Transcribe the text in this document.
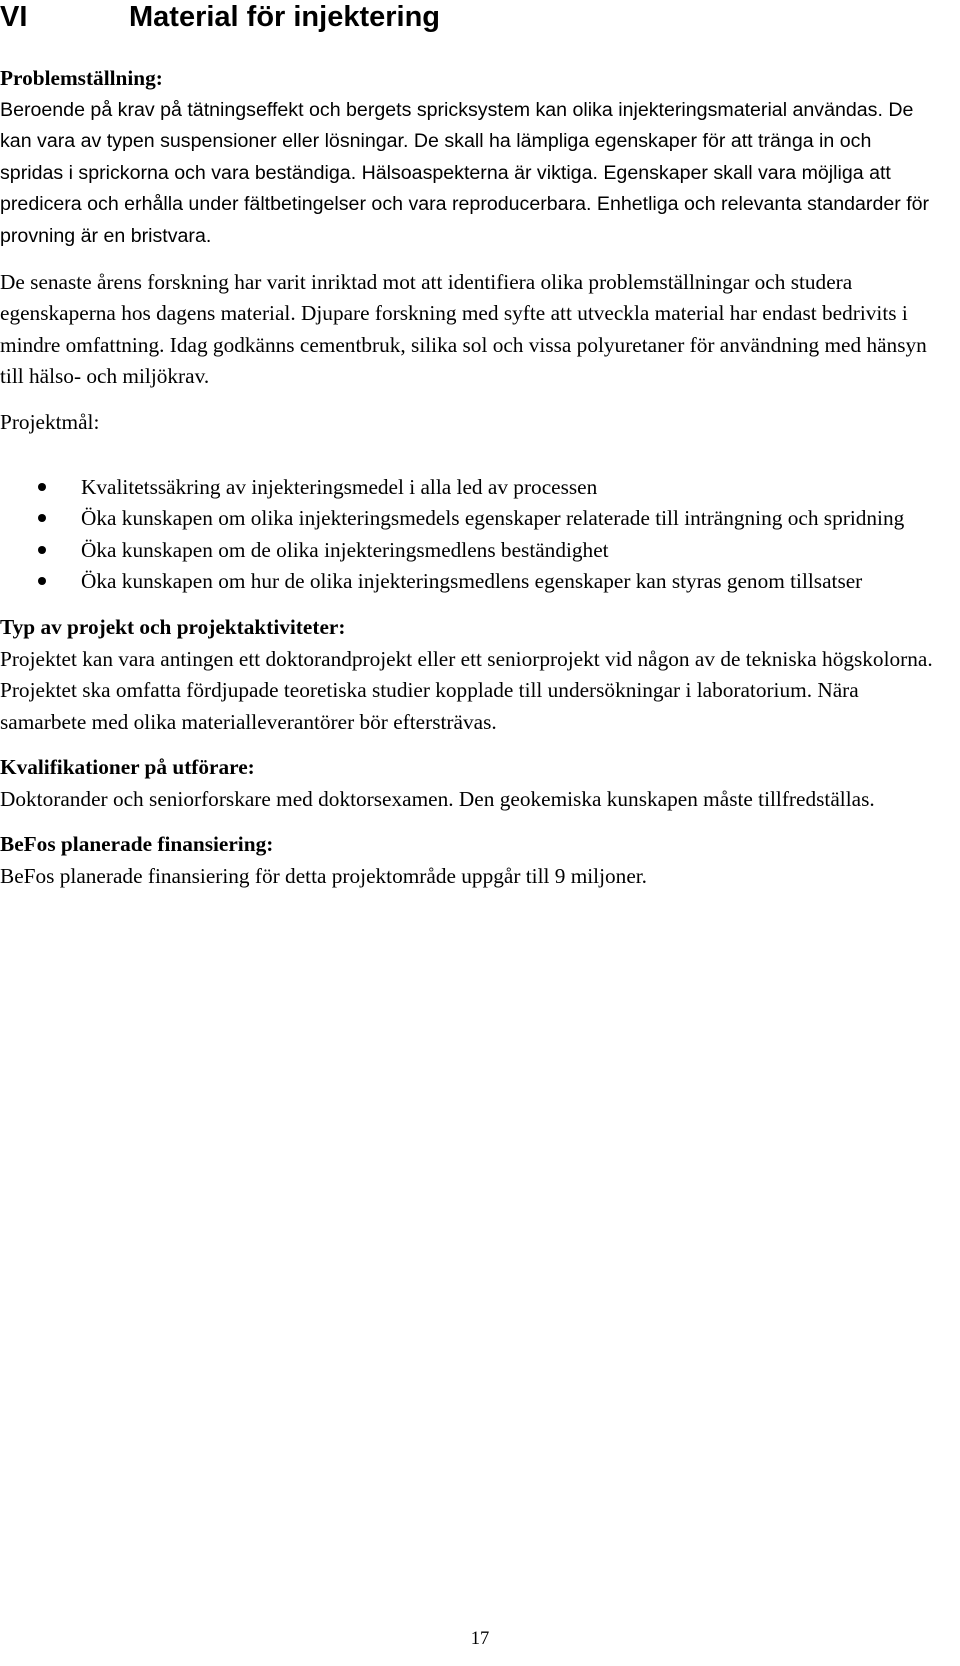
VI	Material för injektering
Problemställning:

Beroende på krav på tätningseffekt och bergets spricksystem kan olika injekteringsmaterial användas. De kan vara av typen suspensioner eller lösningar. De skall ha lämpliga egenskaper för att tränga in och spridas i sprickorna och vara beständiga. Hälsoaspekterna är viktiga. Egenskaper skall vara möjliga att predicera och erhålla under fältbetingelser och vara reproducerbara. Enhetliga och relevanta standarder för provning är en bristvara.

De senaste årens forskning har varit inriktad mot att identifiera olika problemställningar och studera egenskaperna hos dagens material. Djupare forskning med syfte att utveckla material har endast bedrivits i mindre omfattning. Idag godkänns cementbruk, silika sol och vissa polyuretaner för användning med hänsyn till hälso- och miljökrav.

Projektmål:
Kvalitetssäkring av injekteringsmedel i alla led av processen
Öka kunskapen om olika injekteringsmedels egenskaper relaterade till inträngning och spridning
Öka kunskapen om de olika injekteringsmedlens beständighet
Öka kunskapen om hur de olika injekteringsmedlens egenskaper kan styras genom tillsatser
Typ av projekt och projektaktiviteter:

Projektet kan vara antingen ett doktorandprojekt eller ett seniorprojekt vid någon av de tekniska högskolorna. Projektet ska omfatta fördjupade teoretiska studier kopplade till undersökningar i laboratorium. Nära samarbete med olika materialleverantörer bör eftersträvas.

Kvalifikationer på utförare:

Doktorander och seniorforskare med doktorsexamen. Den geokemiska kunskapen måste tillfredställas.

BeFos planerade finansiering:

BeFos planerade finansiering för detta projektområde uppgår till 9 miljoner.

17
